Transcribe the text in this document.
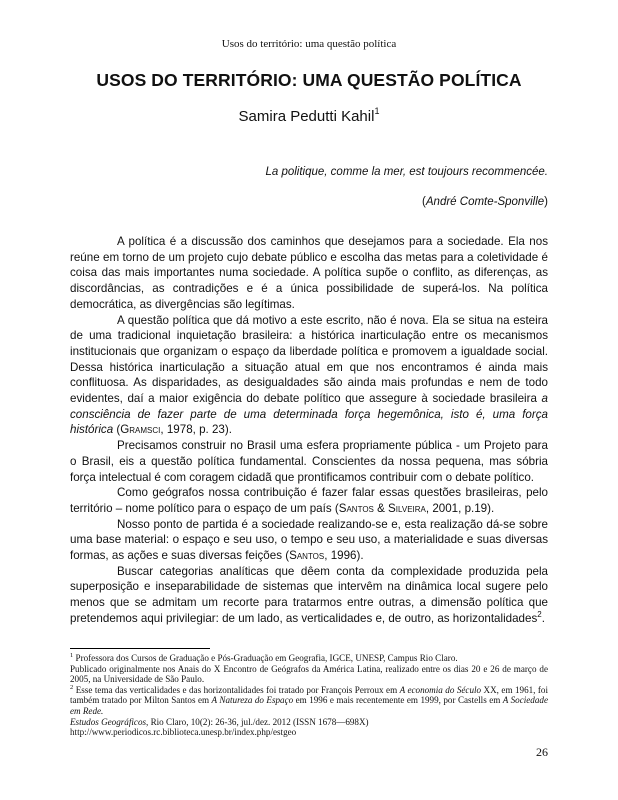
Usos do território: uma questão política
USOS DO TERRITÓRIO: UMA QUESTÃO POLÍTICA
Samira Pedutti Kahil$^1$
La politique, comme la mer, est toujours recommencée.
(André Comte-Sponville)

A política é a discussão dos caminhos que desejamos para a sociedade. Ela nos reúne em torno de um projeto cujo debate público e escolha das metas para a coletividade é coisa das mais importantes numa sociedade. A política supõe o conflito, as diferenças, as discordâncias, as contradições e é a única possibilidade de superá-los. Na política democrática, as divergências são legítimas.

A questão política que dá motivo a este escrito, não é nova. Ela se situa na esteira de uma tradicional inquietação brasileira: a histórica inarticulação entre os mecanismos institucionais que organizam o espaço da liberdade política e promovem a igualdade social. Dessa histórica inarticulação a situação atual em que nos encontramos é ainda mais conflituosa. As disparidades, as desigualdades são ainda mais profundas e nem de todo evidentes, daí a maior exigência do debate político que assegure à sociedade brasileira a consciência de fazer parte de uma determinada força hegemônica, isto é, uma força histórica (Gramsci, 1978, p. 23).

Precisamos construir no Brasil uma esfera propriamente pública - um Projeto para o Brasil, eis a questão política fundamental. Conscientes da nossa pequena, mas sóbria força intelectual é com coragem cidadã que prontificamos contribuir com o debate político.

Como geógrafos nossa contribuição é fazer falar essas questões brasileiras, pelo território – nome político para o espaço de um país (Santos & Silveira, 2001, p.19).

Nosso ponto de partida é a sociedade realizando-se e, esta realização dá-se sobre uma base material: o espaço e seu uso, o tempo e seu uso, a materialidade e suas diversas formas, as ações e suas diversas feições (Santos, 1996).

Buscar categorias analíticas que dêem conta da complexidade produzida pela superposição e inseparabilidade de sistemas que intervêm na dinâmica local sugere pelo menos que se admitam um recorte para tratarmos entre outras, a dimensão política que pretendemos aqui privilegiar: de um lado, as verticalidades e, de outro, as horizontalidades$^2$.

$^1$ Professora dos Cursos de Graduação e Pós-Graduação em Geografia, IGCE, UNESP, Campus Rio Claro.

Publicado originalmente nos Anais do X Encontro de Geógrafos da América Latina, realizado entre os dias 20 e 26 de março de 2005, na Universidade de São Paulo.

$^2$ Esse tema das verticalidades e das horizontalidades foi tratado por François Perroux em A economia do Século XX, em 1961, foi também tratado por Milton Santos em A Natureza do Espaço em 1996 e mais recentemente em 1999, por Castells em A Sociedade em Rede.

Estudos Geográficos, Rio Claro, 10(2): 26-36, jul./dez. 2012 (ISSN 1678—698X)

http://www.periodicos.rc.biblioteca.unesp.br/index.php/estgeo

26
